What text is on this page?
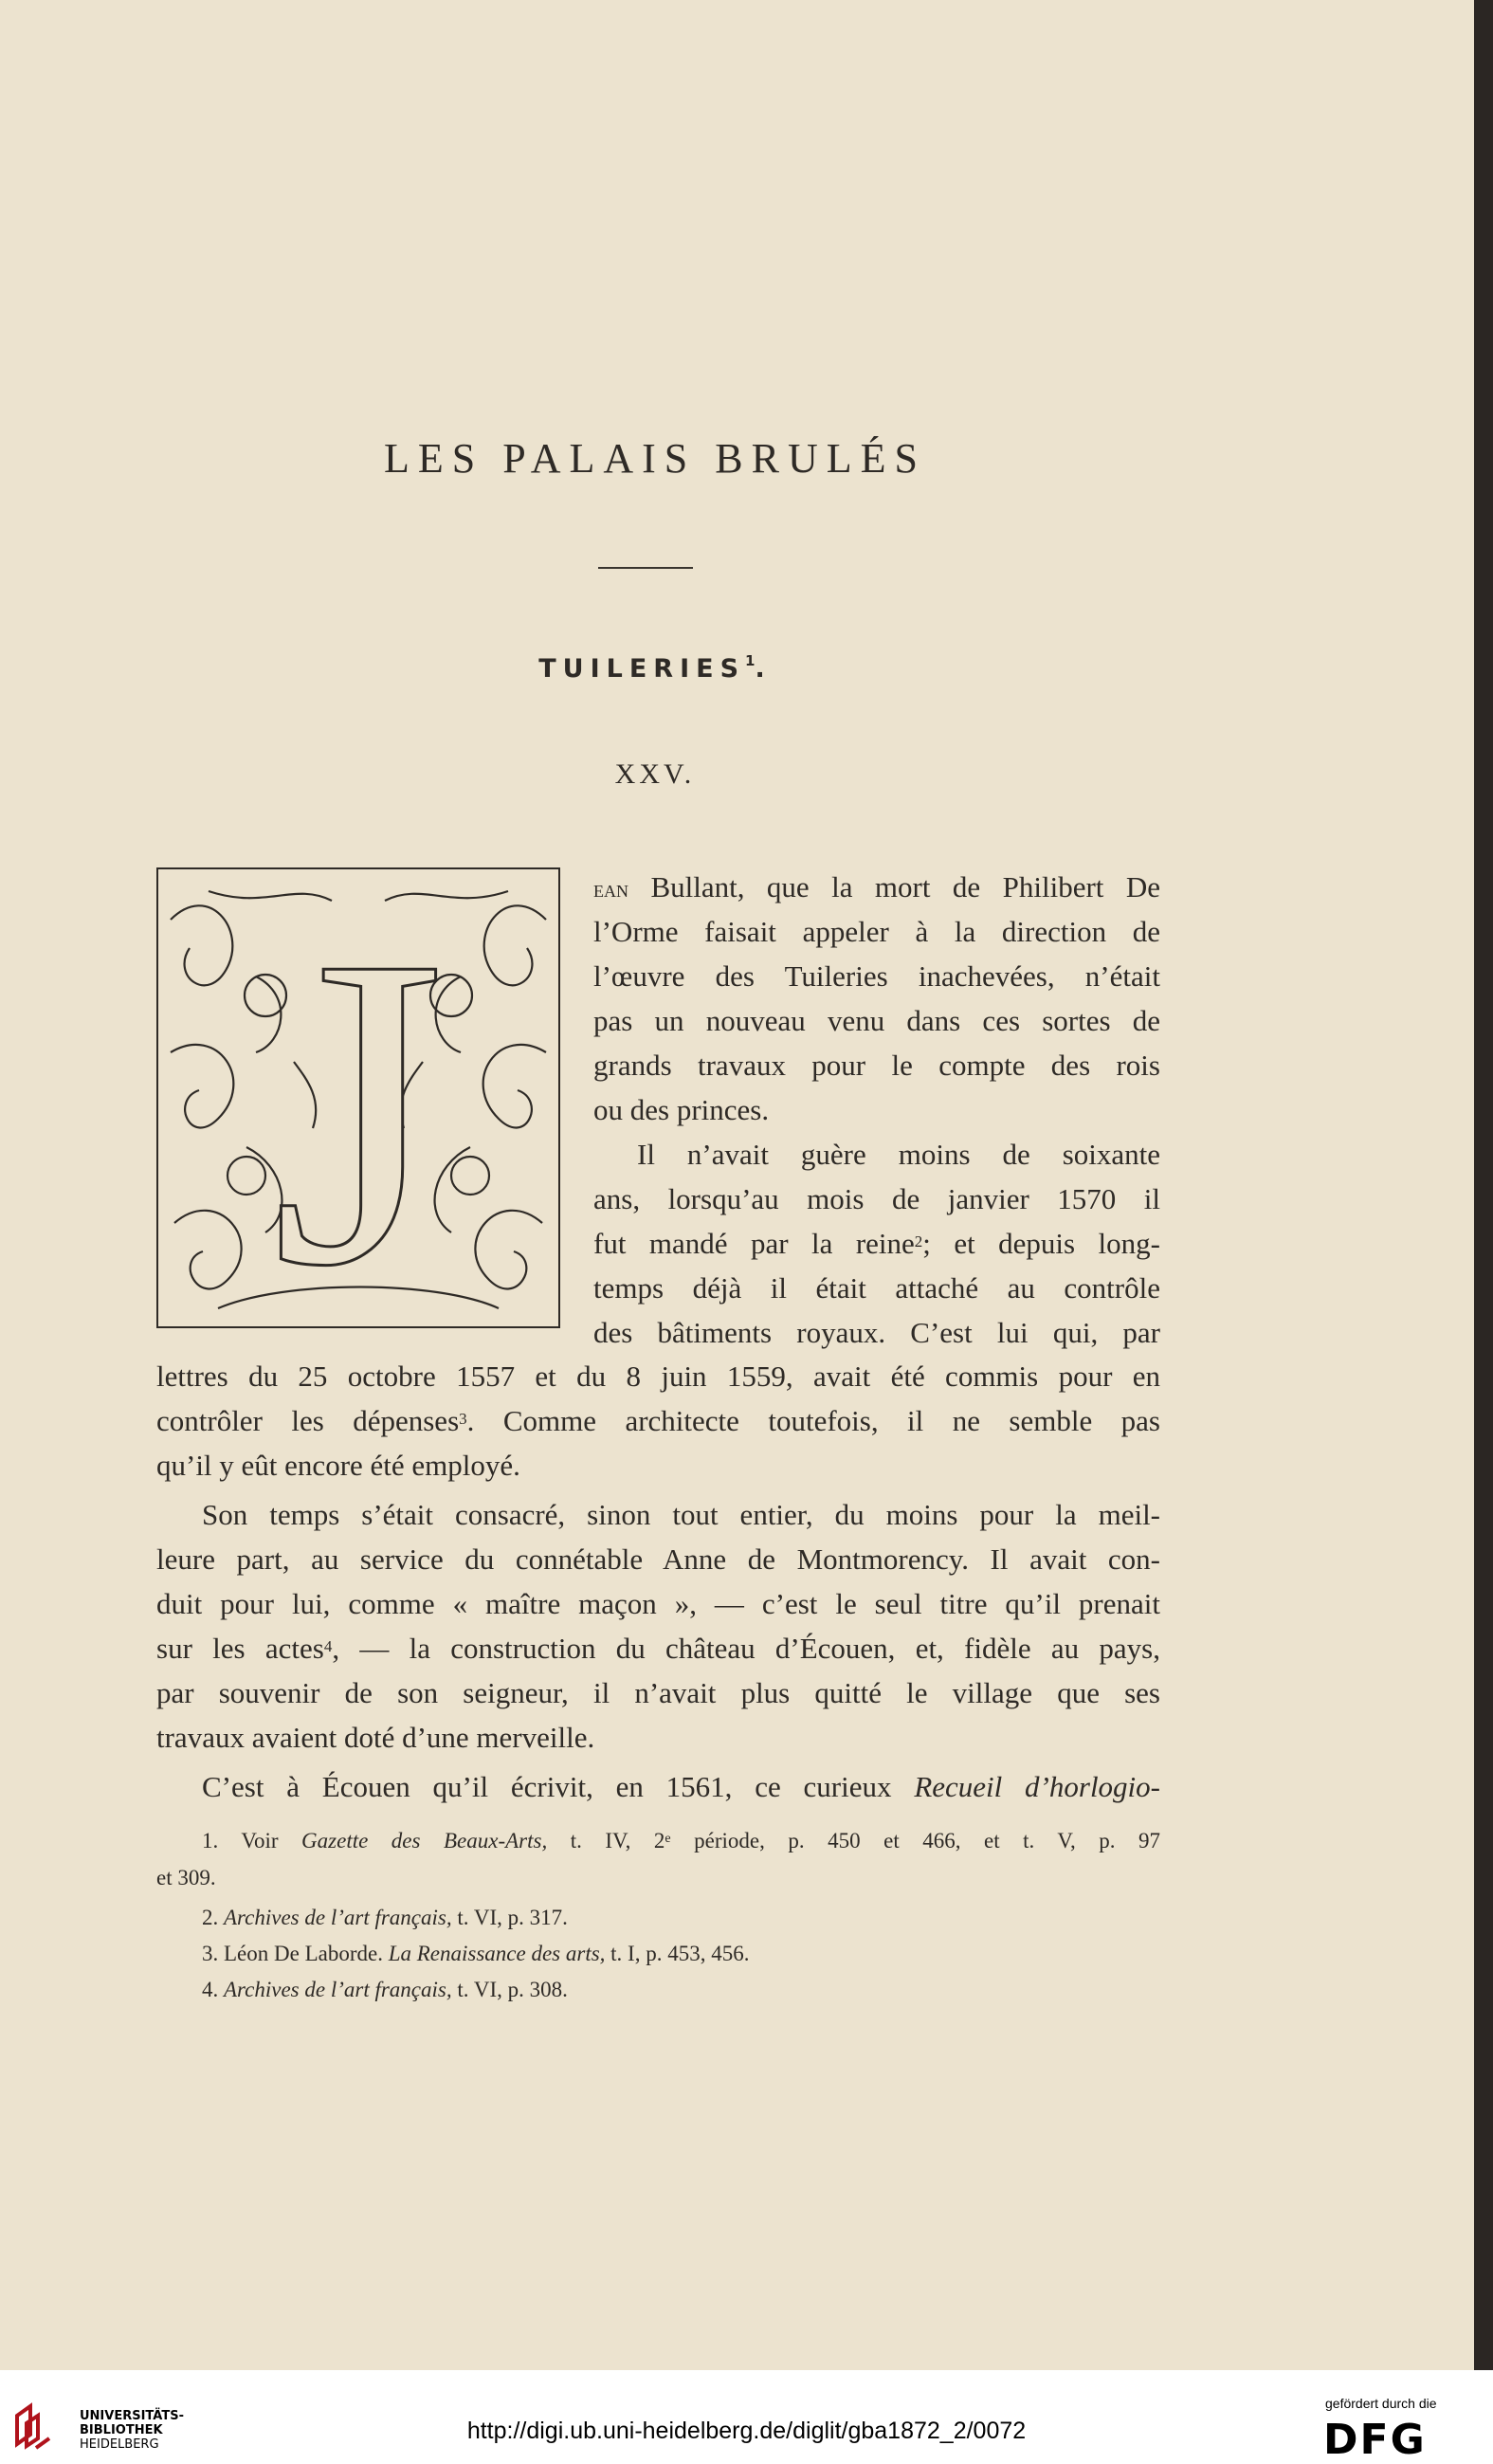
LES PALAIS BRULÉS
TUILERIES$^1$.
XXV.
J	ean Bullant, que la mort de Philibert De
l’Orme faisait appeler à la direction de
l’œuvre des Tuileries inachevées, n’était
pas un nouveau venu dans ces sortes de
grands travaux pour le compte des rois
ou des princes.
Il n’avait guère moins de soixante
ans, lorsqu’au mois de janvier 1570 il
fut mandé par la reine$^2$; et depuis long-
temps déjà il était attaché au contrôle
des bâtiments royaux. C’est lui qui, par
lettres du 25 octobre 1557 et du 8 juin 1559, avait été commis pour en
contrôler les dépenses$^3$. Comme architecte toutefois, il ne semble pas
qu’il y eût encore été employé.
Son temps s’était consacré, sinon tout entier, du moins pour la meil-
leure part, au service du connétable Anne de Montmorency. Il avait con-
duit pour lui, comme « maître maçon », — c’est le seul titre qu’il prenait
sur les actes$^4$, — la construction du château d’Écouen, et, fidèle au pays,
par souvenir de son seigneur, il n’avait plus quitté le village que ses
travaux avaient doté d’une merveille.
C’est à Écouen qu’il écrivit, en 1561, ce curieux Recueil d’horlogio-
1. Voir Gazette des Beaux-Arts, t. IV, 2e période, p. 450 et 466, et t. V, p. 97
et 309.
2. Archives de l’art français, t. VI, p. 317.
3. Léon De Laborde. La Renaissance des arts, t. I, p. 453, 456.
4. Archives de l’art français, t. VI, p. 308.
UNIVERSITÄTS-
BIBLIOTHEK
HEIDELBERG
http://digi.ub.uni-heidelberg.de/diglit/gba1872_2/0072
gefördert durch die
DFG
